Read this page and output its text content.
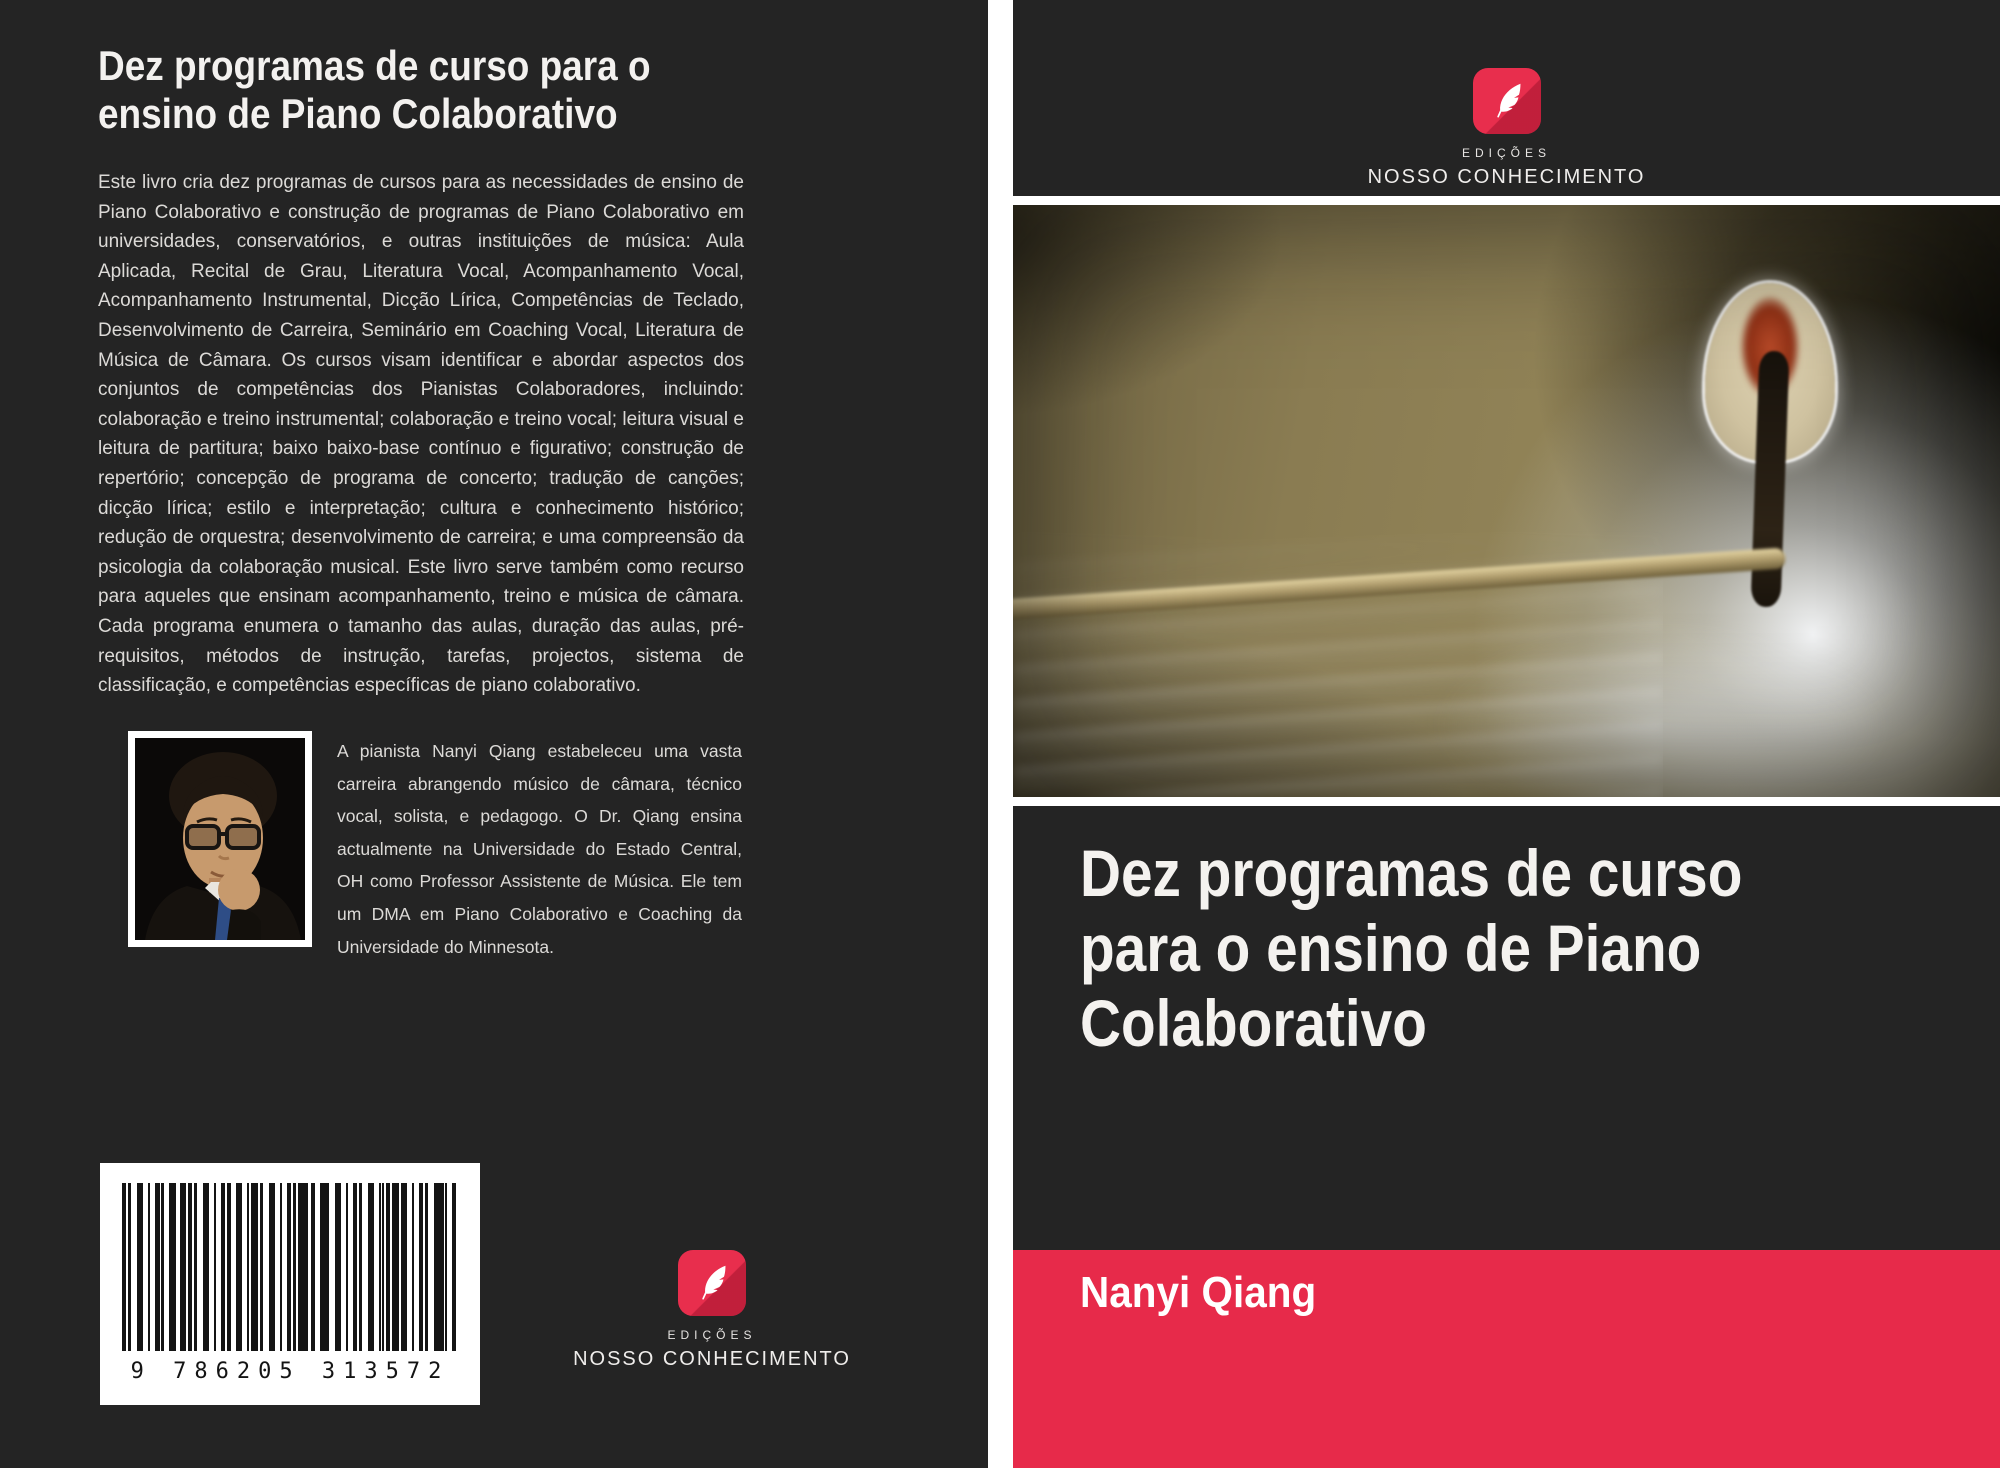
Dez programas de curso para o
ensino de Piano Colaborativo

Este livro cria dez programas de cursos para as necessidades de ensino de Piano Colaborativo e construção de programas de Piano Colaborativo em universidades, conservatórios, e outras instituições de música: Aula Aplicada, Recital de Grau, Literatura Vocal, Acompanhamento Vocal, Acompanhamento Instrumental, Dicção Lírica, Competências de Teclado, Desenvolvimento de Carreira, Seminário em Coaching Vocal, Literatura de Música de Câmara. Os cursos visam identificar e abordar aspectos dos conjuntos de competências dos Pianistas Colaboradores, incluindo: colaboração e treino instrumental; colaboração e treino vocal; leitura visual e leitura de partitura; baixo baixo-base contínuo e figurativo; construção de repertório; concepção de programa de concerto; tradução de canções; dicção lírica; estilo e interpretação; cultura e conhecimento histórico; redução de orquestra; desenvolvimento de carreira; e uma compreensão da psicologia da colaboração musical. Este livro serve também como recurso para aqueles que ensinam acompanhamento, treino e música de câmara. Cada programa enumera o tamanho das aulas, duração das aulas, pré-requisitos, métodos de instrução, tarefas, projectos, sistema de classificação, e competências específicas de piano colaborativo.

A pianista Nanyi Qiang estabeleceu uma vasta carreira abrangendo músico de câmara, técnico vocal, solista, e pedagogo. O Dr. Qiang ensina actualmente na Universidade do Estado Central, OH como Professor Assistente de Música. Ele tem um DMA em Piano Colaborativo e Coaching da Universidade do Minnesota.

9 786205 313572
EDIÇÕES
NOSSO CONHECIMENTO
EDIÇÕES
NOSSO CONHECIMENTO
Dez programas de curso
para o ensino de Piano
Colaborativo

Nanyi Qiang
